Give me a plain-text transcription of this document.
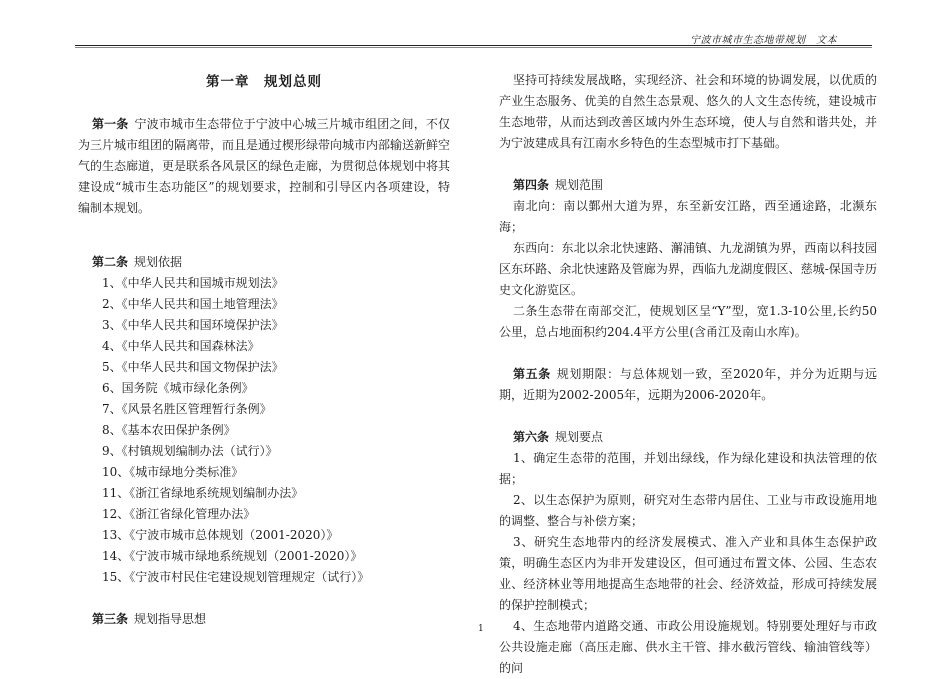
宁波市城市生态地带规划　文本
第一章　规划总则

第一条 宁波市城市生态带位于宁波中心城三片城市组团之间，不仅为三片城市组团的隔离带，而且是通过楔形绿带向城市内部输送新鲜空气的生态廊道，更是联系各风景区的绿色走廊，为贯彻总体规划中将其建设成“城市生态功能区”的规划要求，控制和引导区内各项建设，特编制本规划。

第二条 规划依据

1、《中华人民共和国城市规划法》

2、《中华人民共和国土地管理法》

3、《中华人民共和国环境保护法》

4、《中华人民共和国森林法》

5、《中华人民共和国文物保护法》

6、国务院《城市绿化条例》

7、《风景名胜区管理暂行条例》

8、《基本农田保护条例》

9、《村镇规划编制办法（试行）》

10、《城市绿地分类标准》

11、《浙江省绿地系统规划编制办法》

12、《浙江省绿化管理办法》

13、《宁波市城市总体规划（2001-2020）》

14、《宁波市城市绿地系统规划（2001-2020）》

15、《宁波市村民住宅建设规划管理规定（试行）》

第三条 规划指导思想

坚持可持续发展战略，实现经济、社会和环境的协调发展，以优质的产业生态服务、优美的自然生态景观、悠久的人文生态传统，建设城市生态地带，从而达到改善区域内外生态环境，使人与自然和谐共处，并为宁波建成具有江南水乡特色的生态型城市打下基础。

第四条 规划范围

南北向：南以鄞州大道为界，东至新安江路，西至通途路，北濒东海；

东西向：东北以余北快速路、澥浦镇、九龙湖镇为界，西南以科技园区东环路、余北快速路及管廊为界，西临九龙湖度假区、慈城-保国寺历史文化游览区。

二条生态带在南部交汇，使规划区呈“Y”型，宽1.3-10公里,长约50公里，总占地面积约204.4平方公里(含甬江及南山水库)。

第五条 规划期限：与总体规划一致，至2020年，并分为近期与远期，近期为2002-2005年，远期为2006-2020年。

第六条 规划要点

1、确定生态带的范围，并划出绿线，作为绿化建设和执法管理的依据；

2、以生态保护为原则，研究对生态带内居住、工业与市政设施用地的调整、整合与补偿方案；

3、研究生态地带内的经济发展模式、准入产业和具体生态保护政策，明确生态区内为非开发建设区，但可通过布置文体、公园、生态农业、经济林业等用地提高生态地带的社会、经济效益，形成可持续发展的保护控制模式；

4、生态地带内道路交通、市政公用设施规划。特别要处理好与市政公共设施走廊（高压走廊、供水主干管、排水截污管线、输油管线等）的问

1
